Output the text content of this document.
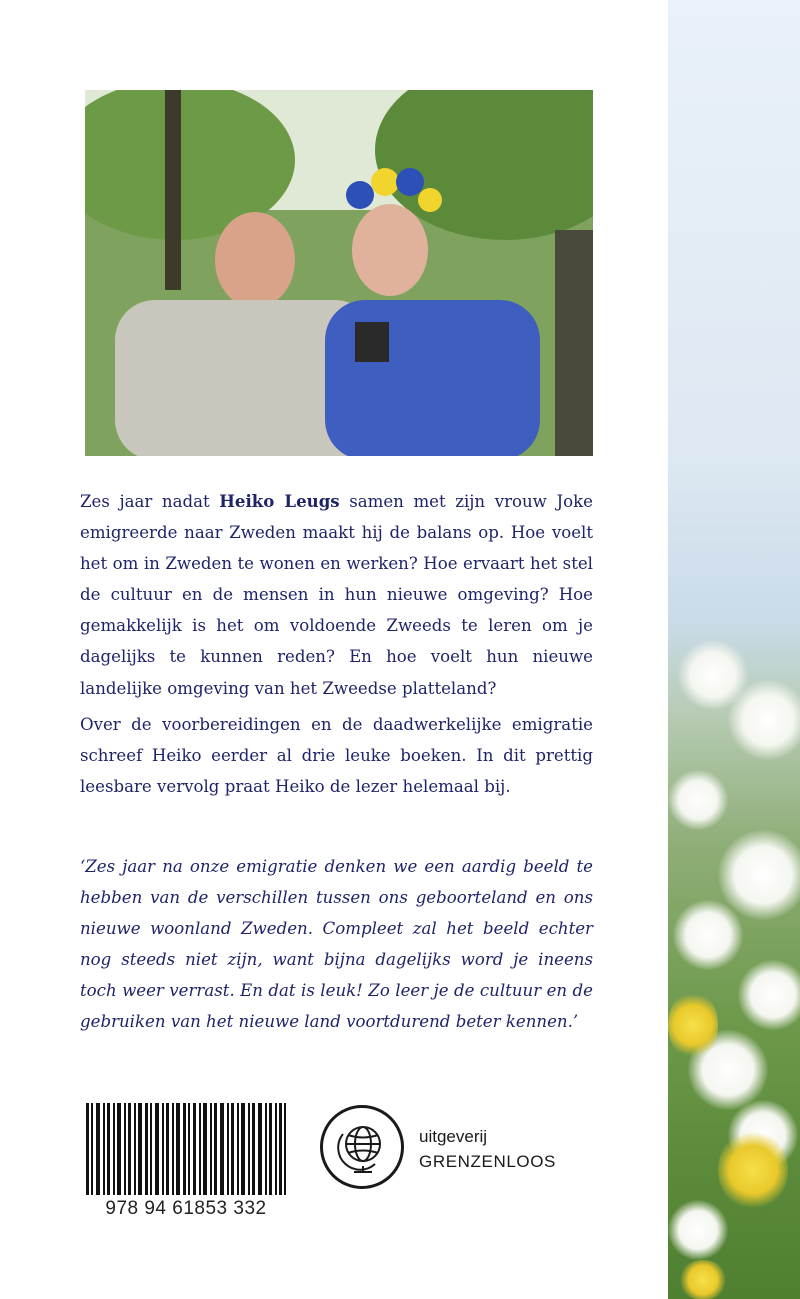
Zes jaar nadat Heiko Leugs samen met zijn vrouw Joke emigreerde naar Zweden maakt hij de balans op. Hoe voelt het om in Zweden te wonen en werken? Hoe ervaart het stel de cultuur en de mensen in hun nieuwe omgeving? Hoe gemakkelijk is het om voldoende Zweeds te leren om je dagelijks te kunnen reden? En hoe voelt hun nieuwe landelijke omgeving van het Zweedse platteland?

Over de voorbereidingen en de daadwerkelijke emigratie schreef Heiko eerder al drie leuke boeken. In dit prettig leesbare vervolg praat Heiko de lezer helemaal bij.

‘Zes jaar na onze emigratie denken we een aardig beeld te hebben van de verschillen tussen ons geboorteland en ons nieuwe woonland Zweden. Compleet zal het beeld echter nog steeds niet zijn, want bijna dagelijks word je ineens toch weer verrast. En dat is leuk! Zo leer je de cultuur en de gebruiken van het nieuwe land voortdurend beter kennen.’

978 94 61853 332
uitgeverij
GRENZENLOOS
